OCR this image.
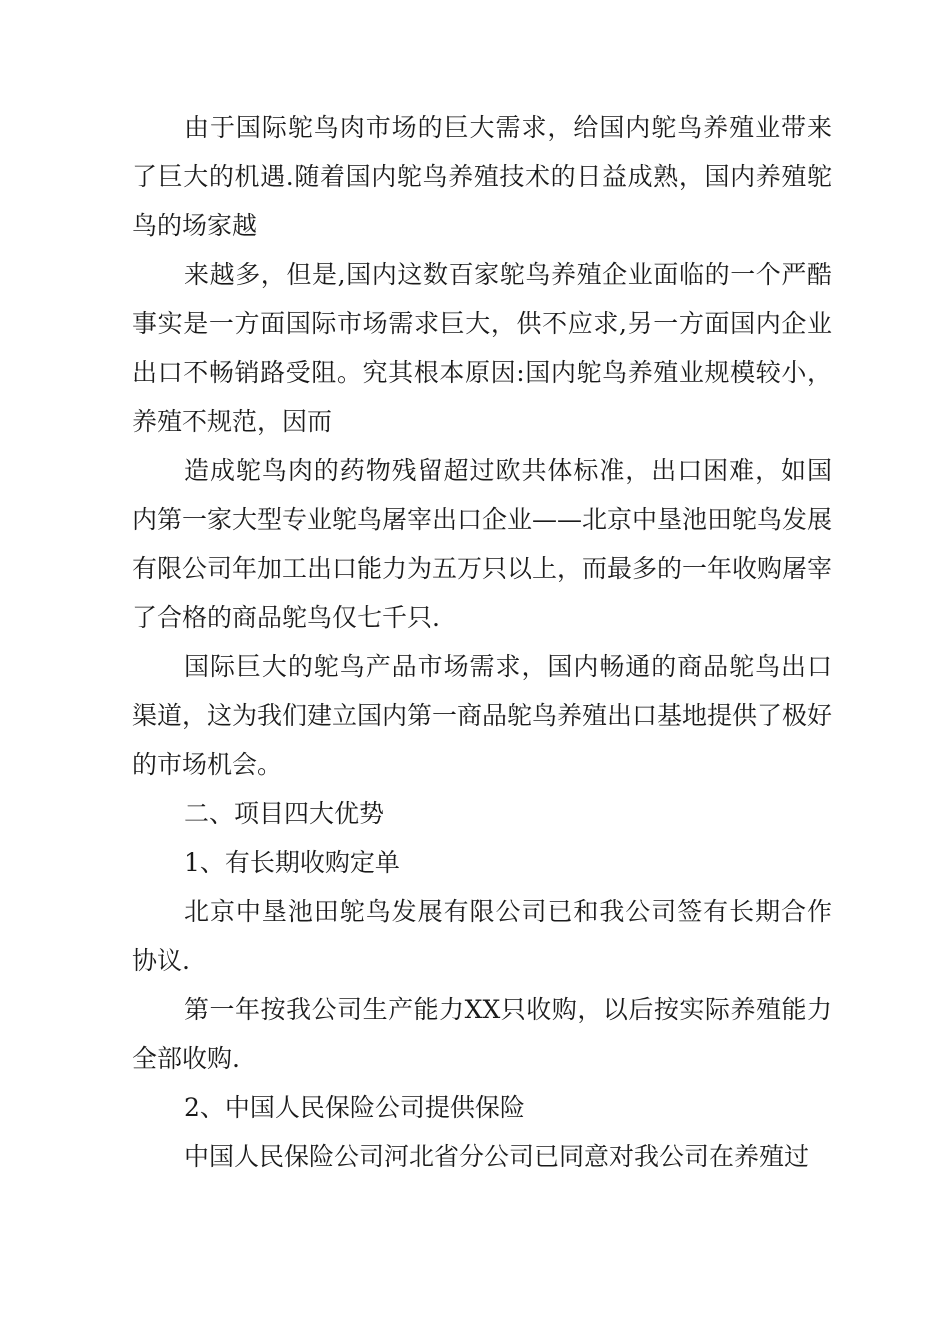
由于国际鸵鸟肉市场的巨大需求，给国内鸵鸟养殖业带来了巨大的机遇.随着国内鸵鸟养殖技术的日益成熟，国内养殖鸵鸟的场家越

来越多，但是,国内这数百家鸵鸟养殖企业面临的一个严酷事实是一方面国际市场需求巨大，供不应求,另一方面国内企业出口不畅销路受阻。究其根本原因:国内鸵鸟养殖业规模较小，养殖不规范，因而

造成鸵鸟肉的药物残留超过欧共体标准，出口困难，如国内第一家大型专业鸵鸟屠宰出口企业——北京中垦池田鸵鸟发展有限公司年加工出口能力为五万只以上，而最多的一年收购屠宰了合格的商品鸵鸟仅七千只.

国际巨大的鸵鸟产品市场需求，国内畅通的商品鸵鸟出口渠道，这为我们建立国内第一商品鸵鸟养殖出口基地提供了极好的市场机会。

二、项目四大优势

1、有长期收购定单

北京中垦池田鸵鸟发展有限公司已和我公司签有长期合作协议.

第一年按我公司生产能力XX只收购，以后按实际养殖能力全部收购.

2、中国人民保险公司提供保险

中国人民保险公司河北省分公司已同意对我公司在养殖过
